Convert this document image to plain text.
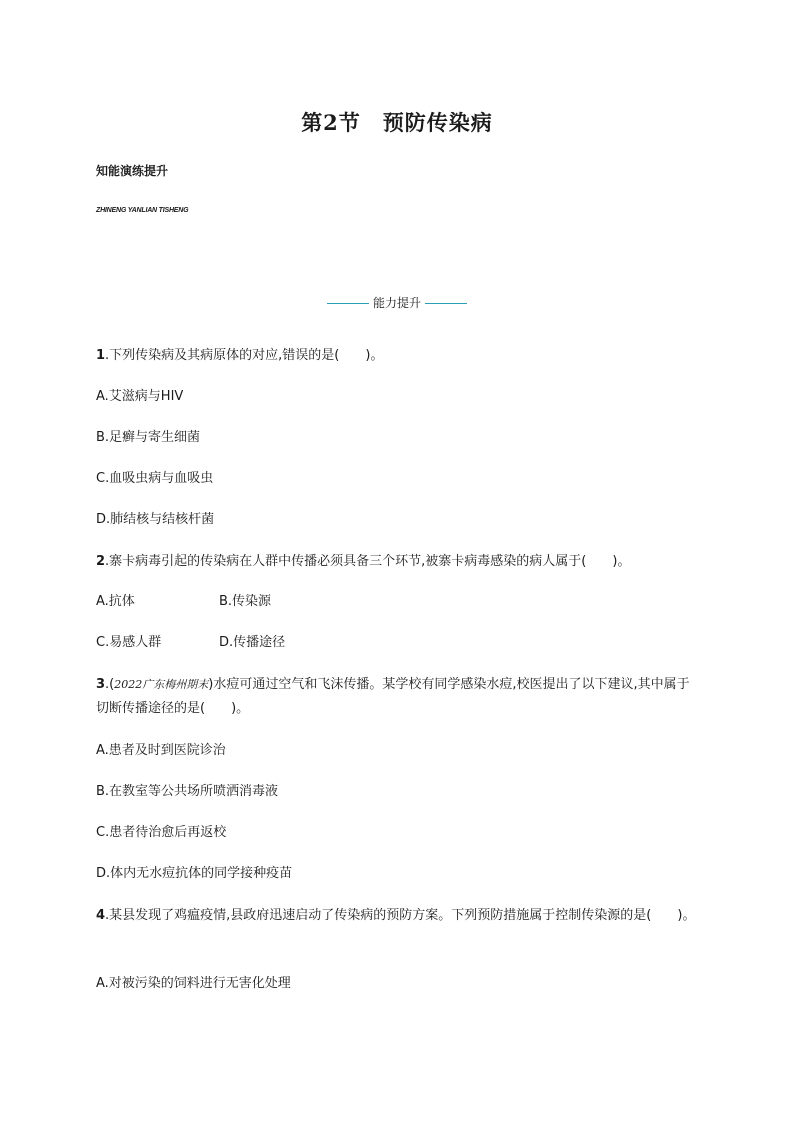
第2节　预防传染病
知能演练提升
ZHINENG YANLIAN TISHENG
能力提升
1.下列传染病及其病原体的对应,错误的是(　　)。
A.艾滋病与HIV
B.足癣与寄生细菌
C.血吸虫病与血吸虫
D.肺结核与结核杆菌
2.寨卡病毒引起的传染病在人群中传播必须具备三个环节,被寨卡病毒感染的病人属于(　　)。
A.抗体	B.传染源
C.易感人群	D.传播途径
3.(2022广东梅州期末)水痘可通过空气和飞沫传播。某学校有同学感染水痘,校医提出了以下建议,其中属于切断传播途径的是(　　)。
A.患者及时到医院诊治
B.在教室等公共场所喷洒消毒液
C.患者待治愈后再返校
D.体内无水痘抗体的同学接种疫苗
4.某县发现了鸡瘟疫情,县政府迅速启动了传染病的预防方案。下列预防措施属于控制传染源的是(　　)。
A.对被污染的饲料进行无害化处理
